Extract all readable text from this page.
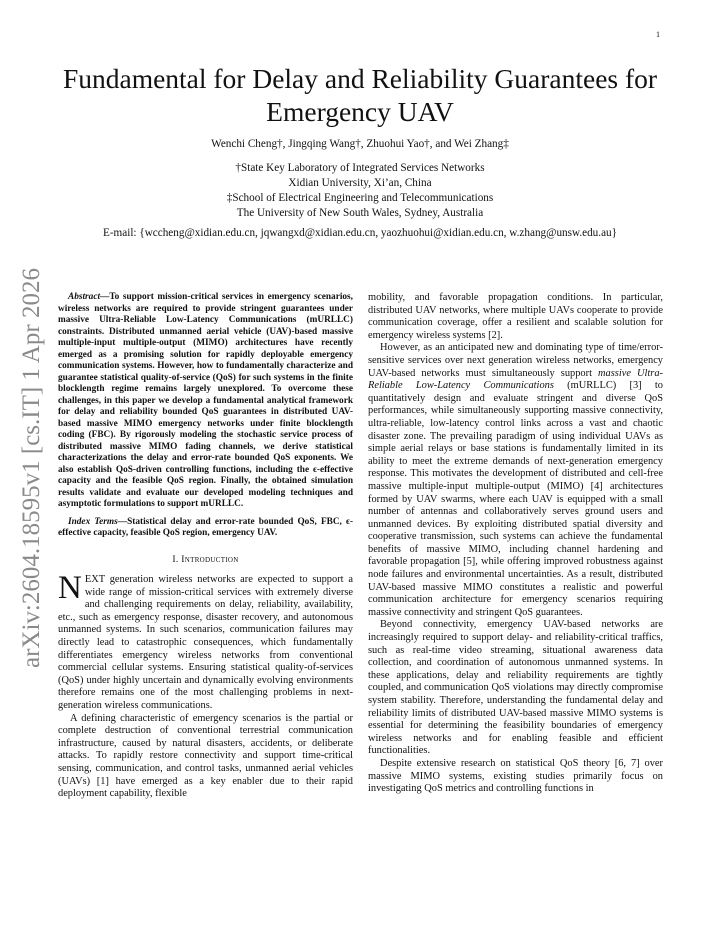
1
arXiv:2604.18595v1 [cs.IT] 1 Apr 2026
Fundamental for Delay and Reliability Guarantees for Emergency UAV
Wenchi Cheng†, Jingqing Wang†, Zhuohui Yao†, and Wei Zhang‡
†State Key Laboratory of Integrated Services Networks
Xidian University, Xi’an, China
‡School of Electrical Engineering and Telecommunications
The University of New South Wales, Sydney, Australia
E-mail: {wccheng@xidian.edu.cn, jqwangxd@xidian.edu.cn, yaozhuohui@xidian.edu.cn, w.zhang@unsw.edu.au}

Abstract—To support mission-critical services in emergency scenarios, wireless networks are required to provide stringent guarantees under massive Ultra-Reliable Low-Latency Communications (mURLLC) constraints. Distributed unmanned aerial vehicle (UAV)-based massive multiple-input multiple-output (MIMO) architectures have recently emerged as a promising solution for rapidly deployable emergency communication systems. However, how to fundamentally characterize and guarantee statistical quality-of-service (QoS) for such systems in the finite blocklength regime remains largely unexplored. To overcome these challenges, in this paper we develop a fundamental analytical framework for delay and reliability bounded QoS guarantees in distributed UAV-based massive MIMO emergency networks under finite blocklength coding (FBC). By rigorously modeling the stochastic service process of distributed massive MIMO fading channels, we derive statistical characterizations the delay and error-rate bounded QoS exponents. We also establish QoS-driven controlling functions, including the ϵ-effective capacity and the feasible QoS region. Finally, the obtained simulation results validate and evaluate our developed modeling techniques and asymptotic formulations to support mURLLC.

Index Terms—Statistical delay and error-rate bounded QoS, FBC, ϵ-effective capacity, feasible QoS region, emergency UAV.

I. Introduction

NEXT generation wireless networks are expected to support a wide range of mission-critical services with extremely diverse and challenging requirements on delay, reliability, availability, etc., such as emergency response, disaster recovery, and autonomous unmanned systems. In such scenarios, communication failures may directly lead to catastrophic consequences, which fundamentally differentiates emergency wireless networks from conventional commercial cellular systems. Ensuring statistical quality-of-services (QoS) under highly uncertain and dynamically evolving environments therefore remains one of the most challenging problems in next-generation wireless communications.

A defining characteristic of emergency scenarios is the partial or complete destruction of conventional terrestrial communication infrastructure, caused by natural disasters, accidents, or deliberate attacks. To rapidly restore connectivity and support time-critical sensing, communication, and control tasks, unmanned aerial vehicles (UAVs) [1] have emerged as a key enabler due to their rapid deployment capability, flexible

mobility, and favorable propagation conditions. In particular, distributed UAV networks, where multiple UAVs cooperate to provide communication coverage, offer a resilient and scalable solution for emergency wireless systems [2].

However, as an anticipated new and dominating type of time/error-sensitive services over next generation wireless networks, emergency UAV-based networks must simultaneously support massive Ultra-Reliable Low-Latency Communications (mURLLC) [3] to quantitatively design and evaluate stringent and diverse QoS performances, while simultaneously supporting massive connectivity, ultra-reliable, low-latency control links across a vast and chaotic disaster zone. The prevailing paradigm of using individual UAVs as simple aerial relays or base stations is fundamentally limited in its ability to meet the extreme demands of next-generation emergency response. This motivates the development of distributed and cell-free massive multiple-input multiple-output (MIMO) [4] architectures formed by UAV swarms, where each UAV is equipped with a small number of antennas and collaboratively serves ground users and unmanned devices. By exploiting distributed spatial diversity and cooperative transmission, such systems can achieve the fundamental benefits of massive MIMO, including channel hardening and favorable propagation [5], while offering improved robustness against node failures and environmental uncertainties. As a result, distributed UAV-based massive MIMO constitutes a realistic and powerful communication architecture for emergency scenarios requiring massive connectivity and stringent QoS guarantees.

Beyond connectivity, emergency UAV-based networks are increasingly required to support delay- and reliability-critical traffics, such as real-time video streaming, situational awareness data collection, and coordination of autonomous unmanned systems. In these applications, delay and reliability requirements are tightly coupled, and communication QoS violations may directly compromise system stability. Therefore, understanding the fundamental delay and reliability limits of distributed UAV-based massive MIMO systems is essential for determining the feasibility boundaries of emergency wireless networks and for enabling feasible and efficient functionalities.

Despite extensive research on statistical QoS theory [6, 7] over massive MIMO systems, existing studies primarily focus on investigating QoS metrics and controlling functions in
